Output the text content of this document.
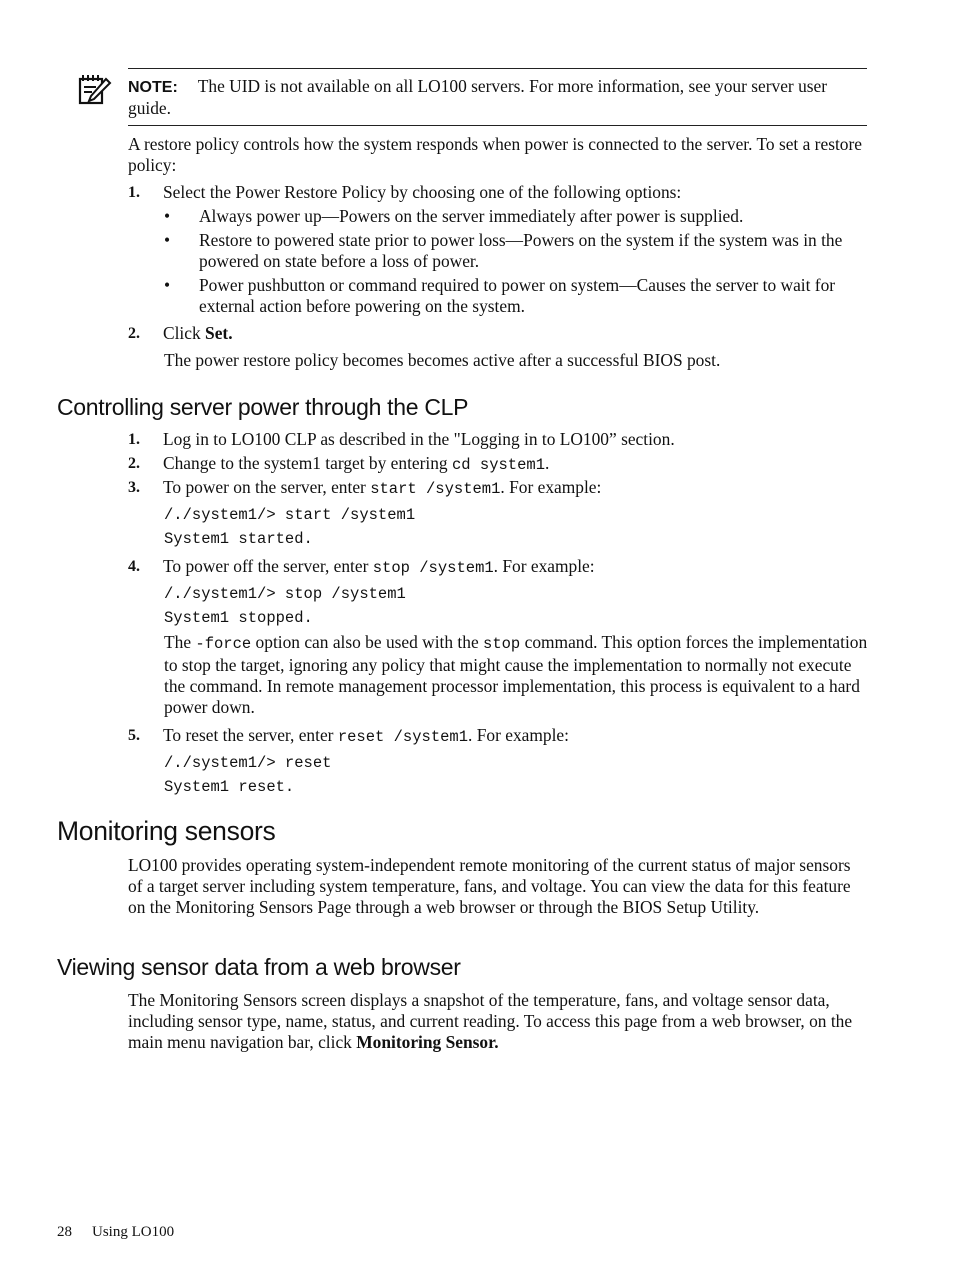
NOTE: The UID is not available on all LO100 servers. For more information, see your server user guide.

A restore policy controls how the system responds when power is connected to the server. To set a restore policy:

1. Select the Power Restore Policy by choosing one of the following options:
• Always power up—Powers on the server immediately after power is supplied.
• Restore to powered state prior to power loss—Powers on the system if the system was in the powered on state before a loss of power.
• Power pushbutton or command required to power on system—Causes the server to wait for external action before powering on the system.
2. Click Set.

The power restore policy becomes becomes active after a successful BIOS post.

Controlling server power through the CLP
1. Log in to LO100 CLP as described in the "Logging in to LO100” section.
2. Change to the system1 target by entering cd system1.
3. To power on the server, enter start /system1. For example:
/./system1/> start /system1
System1 started.
4. To power off the server, enter stop /system1. For example:
/./system1/> stop /system1
System1 stopped.

The -force option can also be used with the stop command. This option forces the implementation to stop the target, ignoring any policy that might cause the implementation to normally not execute the command. In remote management processor implementation, this process is equivalent to a hard power down.

5. To reset the server, enter reset /system1. For example:
/./system1/> reset
System1 reset.
Monitoring sensors

LO100 provides operating system-independent remote monitoring of the current status of major sensors of a target server including system temperature, fans, and voltage. You can view the data for this feature on the Monitoring Sensors Page through a web browser or through the BIOS Setup Utility.

Viewing sensor data from a web browser

The Monitoring Sensors screen displays a snapshot of the temperature, fans, and voltage sensor data, including sensor type, name, status, and current reading. To access this page from a web browser, on the main menu navigation bar, click Monitoring Sensor.

28 Using LO100
